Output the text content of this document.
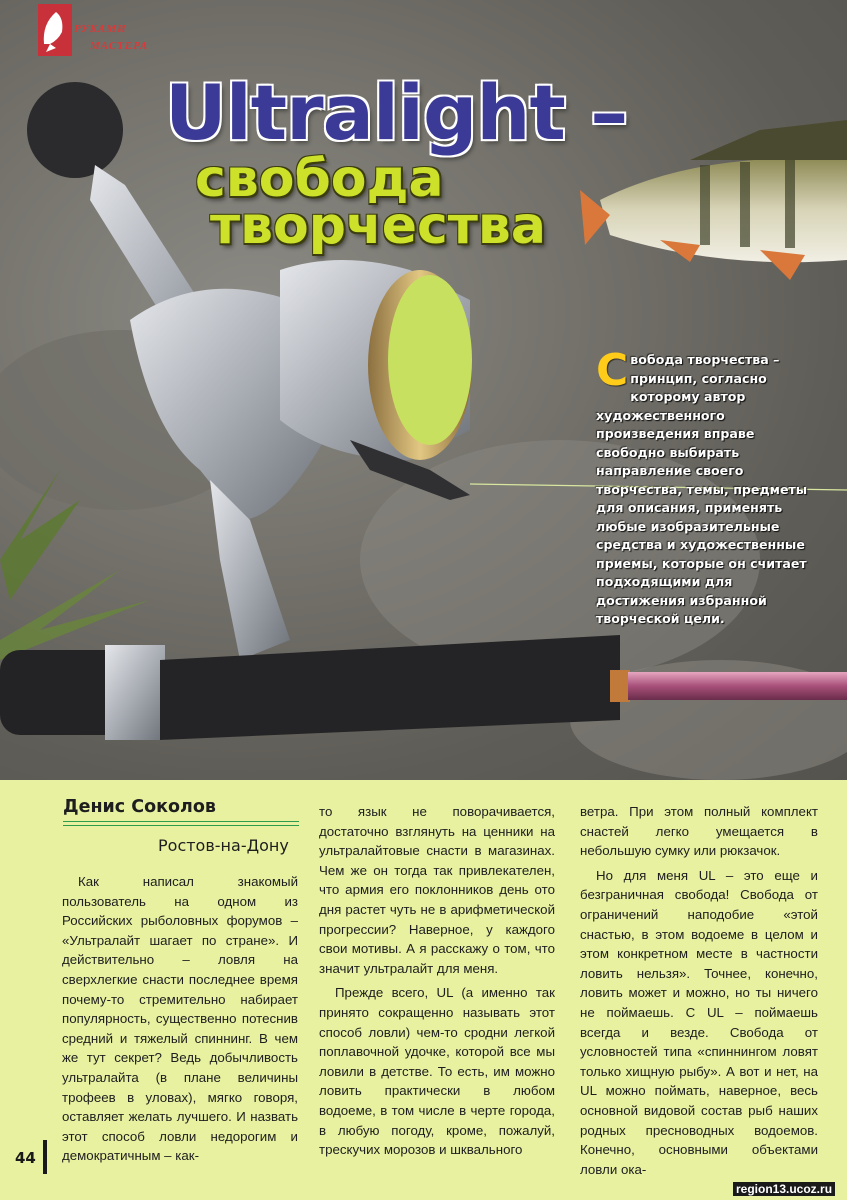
РУКАМИ
МАСТЕРА
Ultralight –
свобода
творчества
С вобода творчества – принцип, согласно которому автор художественного произведения вправе свободно выбирать направление своего творчества, темы, предметы для описания, применять любые изобразительные средства и художественные приемы, которые он считает подходящими для достижения избранной творческой цели.

Денис Соколов
Ростов-на-Дону

Как написал знакомый пользователь на одном из Российских рыболовных форумов – «Ультралайт шагает по стране». И действительно – ловля на сверхлегкие снасти последнее время почему-то стремительно набирает популярность, существенно потеснив средний и тяжелый спиннинг. В чем же тут секрет? Ведь добычливость ультралайта (в плане величины трофеев в уловах), мягко говоря, оставляет желать лучшего. И назвать этот способ ловли недорогим и демократичным – как-

то язык не поворачивается, достаточно взглянуть на ценники на ультралайтовые снасти в магазинах. Чем же он тогда так привлекателен, что армия его поклонников день ото дня растет чуть не в арифметической прогрессии? Наверное, у каждого свои мотивы. А я расскажу о том, что значит ультралайт для меня.

Прежде всего, UL (а именно так принято сокращенно называть этот способ ловли) чем-то сродни легкой поплавочной удочке, которой все мы ловили в детстве. То есть, им можно ловить практически в любом водоеме, в том числе в черте города, в любую погоду, кроме, пожалуй, трескучих морозов и шквального

ветра. При этом полный комплект снастей легко умещается в небольшую сумку или рюкзачок.

Но для меня UL – это еще и безграничная свобода! Свобода от ограничений наподобие «этой снастью, в этом водоеме в целом и этом конкретном месте в частности ловить нельзя». Точнее, конечно, ловить может и можно, но ты ничего не поймаешь. С UL – поймаешь всегда и везде. Свобода от условностей типа «спиннингом ловят только хищную рыбу». А вот и нет, на UL можно поймать, наверное, весь основной видовой состав рыб наших родных пресноводных водоемов. Конечно, основными объектами ловли ока-

44
region13.ucoz.ru
